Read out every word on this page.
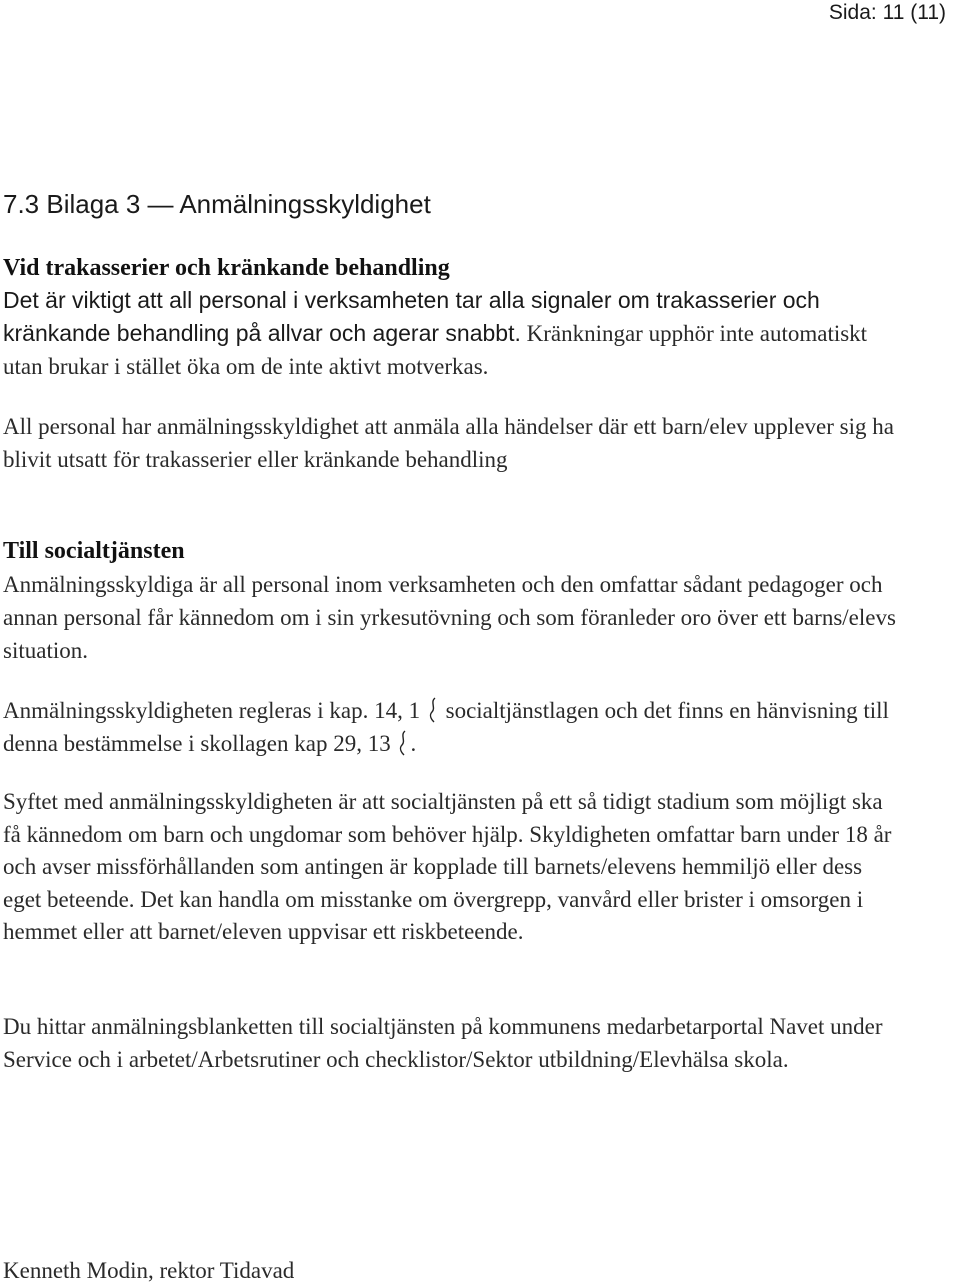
Sida: 11 (11)
7.3 Bilaga 3 — Anmälningsskyldighet
Vid trakasserier och kränkande behandling

Det är viktigt att all personal i verksamheten tar alla signaler om trakasserier och kränkande behandling på allvar och agerar snabbt. Kränkningar upphör inte automatiskt utan brukar i stället öka om de inte aktivt motverkas.

All personal har anmälningsskyldighet att anmäla alla händelser där ett barn/elev upplever sig ha blivit utsatt för trakasserier eller kränkande behandling

Till socialtjänsten

Anmälningsskyldiga är all personal inom verksamheten och den omfattar sådant pedagoger och annan personal får kännedom om i sin yrkesutövning och som föranleder oro över ett barns/elevs situation.

Anmälningsskyldigheten regleras i kap. 14, 1  socialtjänstlagen och det finns en hänvisning till denna bestämmelse i skollagen kap 29, 13 .

Syftet med anmälningsskyldigheten är att socialtjänsten på ett så tidigt stadium som möjligt ska få kännedom om barn och ungdomar som behöver hjälp. Skyldigheten omfattar barn under 18 år och avser missförhållanden som antingen är kopplade till barnets/elevens hemmiljö eller dess eget beteende. Det kan handla om misstanke om övergrepp, vanvård eller brister i omsorgen i hemmet eller att barnet/eleven uppvisar ett riskbeteende.

Du hittar anmälningsblanketten till socialtjänsten på kommunens medarbetarportal Navet under Service och i arbetet/Arbetsrutiner och checklistor/Sektor utbildning/Elevhälsa skola.

Kenneth Modin, rektor Tidavad
